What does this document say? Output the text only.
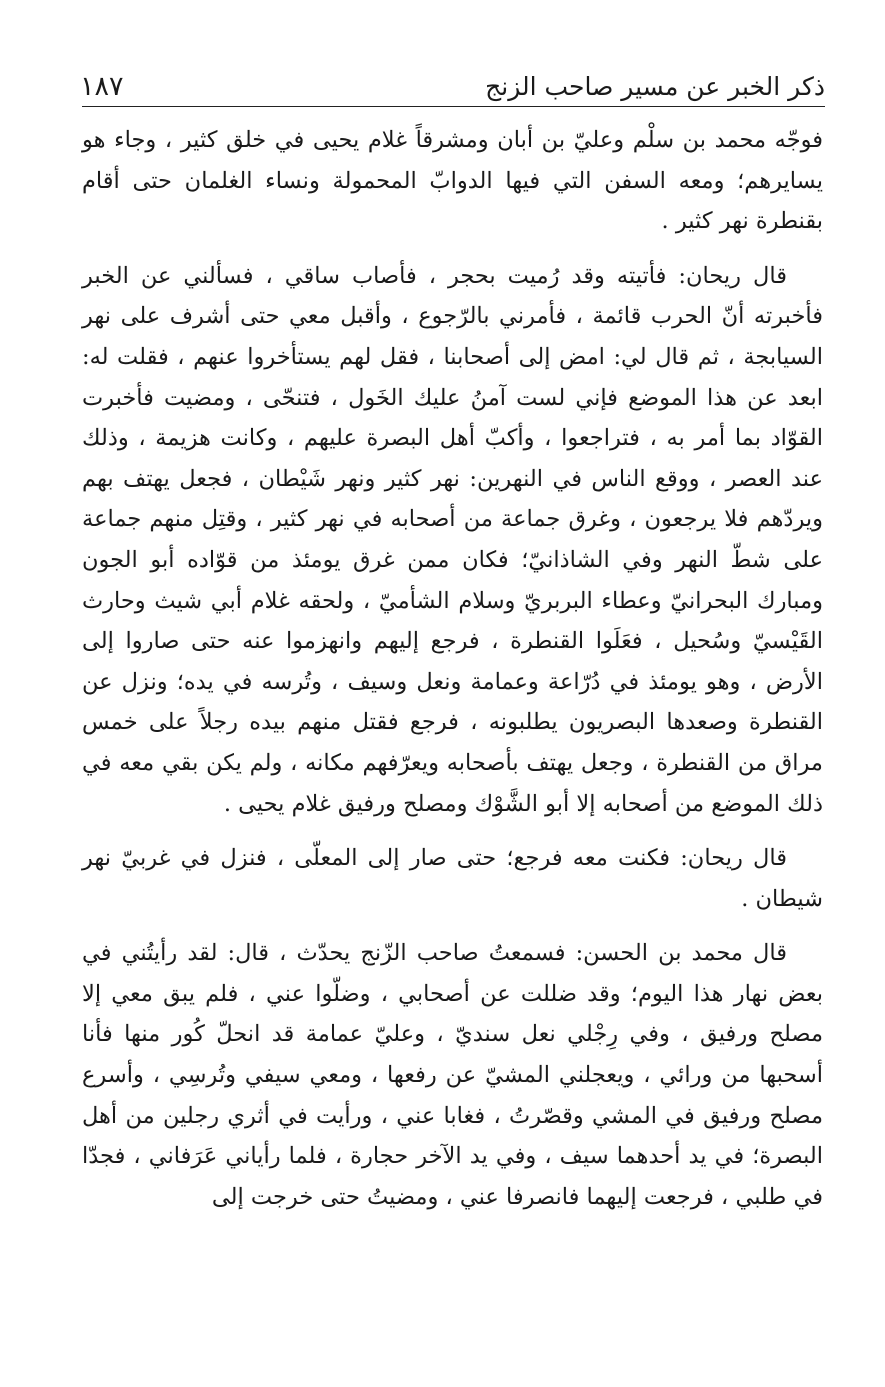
ذكر الخبر عن مسير صاحب الزنج
١٨٧

فوجّه محمد بن سلْم وعليّ بن أبان ومشرقاً غلام يحيى في خلق كثير ، وجاء هو يسايرهم؛ ومعه السفن التي فيها الدوابّ المحمولة ونساء الغلمان حتى أقام بقنطرة نهر كثير .

قال ريحان: فأتيته وقد رُميت بحجر ، فأصاب ساقي ، فسألني عن الخبر فأخبرته أنّ الحرب قائمة ، فأمرني بالرّجوع ، وأقبل معي حتى أشرف على نهر السيابجة ، ثم قال لي: امض إلى أصحابنا ، فقل لهم يستأخروا عنهم ، فقلت له: ابعد عن هذا الموضع فإني لست آمنُ عليك الخَول ، فتنحّى ، ومضيت فأخبرت القوّاد بما أمر به ، فتراجعوا ، وأكبّ أهل البصرة عليهم ، وكانت هزيمة ، وذلك عند العصر ، ووقع الناس في النهرين: نهر كثير ونهر شَيْطان ، فجعل يهتف بهم ويردّهم فلا يرجعون ، وغرق جماعة من أصحابه في نهر كثير ، وقتِل منهم جماعة على شطّ النهر وفي الشاذانيّ؛ فكان ممن غرق يومئذ من قوّاده أبو الجون ومبارك البحرانيّ وعطاء البربريّ وسلام الشأميّ ، ولحقه غلام أبي شيث وحارث القَيْسيّ وسُحيل ، فعَلَوا القنطرة ، فرجع إليهم وانهزموا عنه حتى صاروا إلى الأرض ، وهو يومئذ في دُرّاعة وعمامة ونعل وسيف ، وتُرسه في يده؛ ونزل عن القنطرة وصعدها البصريون يطلبونه ، فرجع فقتل منهم بيده رجلاً على خمس مراق من القنطرة ، وجعل يهتف بأصحابه ويعرّفهم مكانه ، ولم يكن بقي معه في ذلك الموضع من أصحابه إلا أبو الشَّوْك ومصلح ورفيق غلام يحيى .

قال ريحان: فكنت معه فرجع؛ حتى صار إلى المعلّى ، فنزل في غربيّ نهر شيطان .

قال محمد بن الحسن: فسمعتُ صاحب الزّنج يحدّث ، قال: لقد رأيتُني في بعض نهار هذا اليوم؛ وقد ضللت عن أصحابي ، وضلّوا عني ، فلم يبق معي إلا مصلح ورفيق ، وفي رِجْلي نعل سنديّ ، وعليّ عمامة قد انحلّ كُور منها فأنا أسحبها من ورائي ، ويعجلني المشيّ عن رفعها ، ومعي سيفي وتُرسِي ، وأسرع مصلح ورفيق في المشي وقصّرتُ ، فغابا عني ، ورأيت في أثري رجلين من أهل البصرة؛ في يد أحدهما سيف ، وفي يد الآخر حجارة ، فلما رأياني عَرَفاني ، فجدّا في طلبي ، فرجعت إليهما فانصرفا عني ، ومضيتُ حتى خرجت إلى
